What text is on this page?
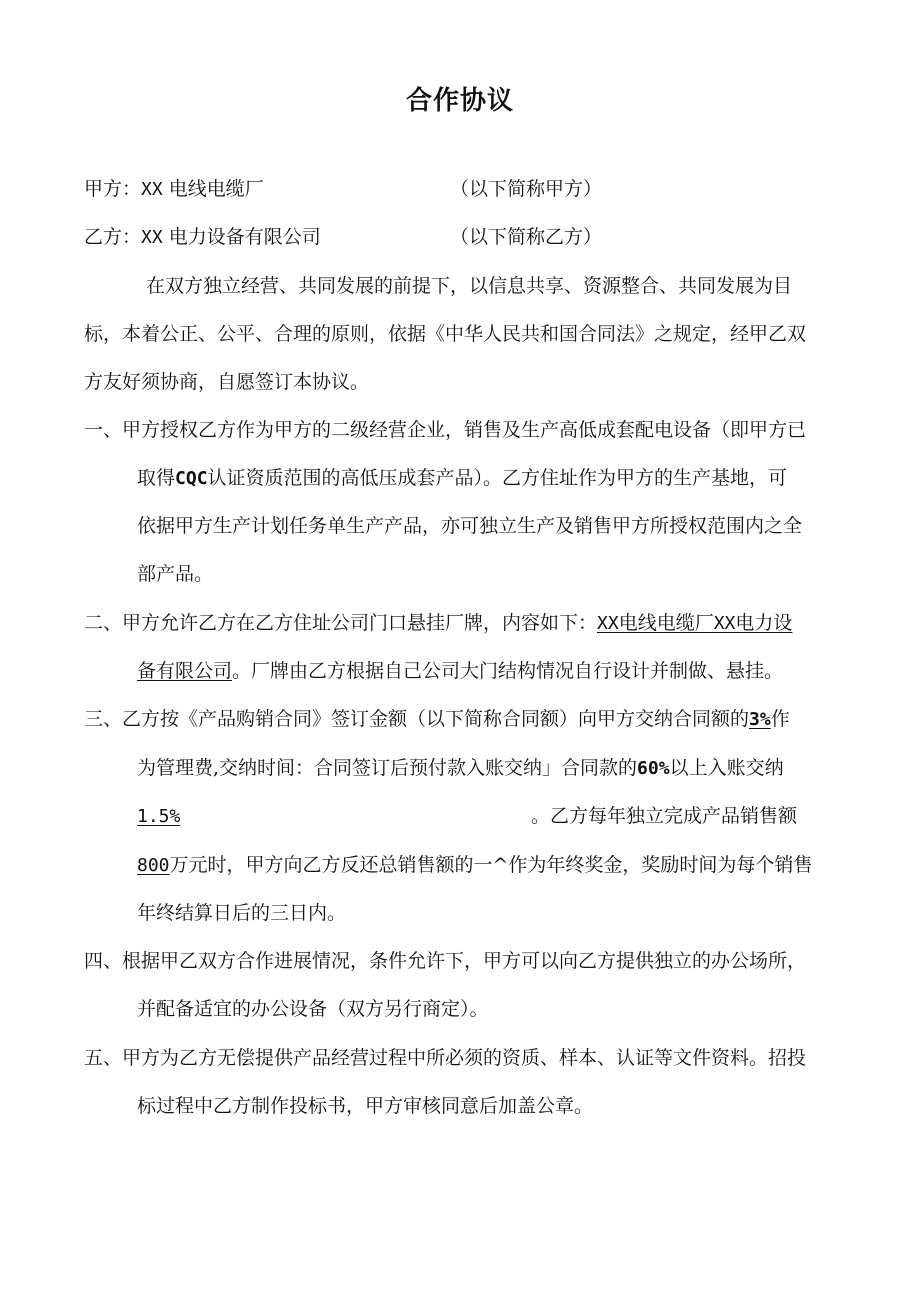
合作协议
甲方：XX 电线电缆厂	（以下简称甲方）
乙方：XX 电力设备有限公司	（以下简称乙方）
在双方独立经营、共同发展的前提下，以信息共享、资源整合、共同发展为目
标，本着公正、公平、合理的原则，依据《中华人民共和国合同法》之规定，经甲乙双
方友好须协商，自愿签订本协议。
一、 甲方授权乙方作为甲方的二级经营企业，销售及生产高低成套配电设备（即甲方已
取得CQC认证资质范围的高低压成套产品）。乙方住址作为甲方的生产基地，可
依据甲方生产计划任务单生产产品，亦可独立生产及销售甲方所授权范围内之全
部产品。
二、 甲方允许乙方在乙方住址公司门口悬挂厂牌，内容如下：XX电线电缆厂XX电力设
备有限公司。厂牌由乙方根据自己公司大门结构情况自行设计并制做、悬挂。
三、 乙方按《产品购销合同》签订金额（以下简称合同额）向甲方交纳合同额的3%作
为管理费,交纳时间：合同签订后预付款入账交纳」合同款的60%以上入账交纳
1.5%	。乙方每年独立完成产品销售额
800万元时，甲方向乙方反还总销售额的一^作为年终奖金，奖励时间为每个销售
年终结算日后的三日内。
四、 根据甲乙双方合作进展情况，条件允许下，甲方可以向乙方提供独立的办公场所，
并配备适宜的办公设备（双方另行商定）。
五、 甲方为乙方无偿提供产品经营过程中所必须的资质、样本、认证等文件资料。招投
标过程中乙方制作投标书，甲方审核同意后加盖公章。
